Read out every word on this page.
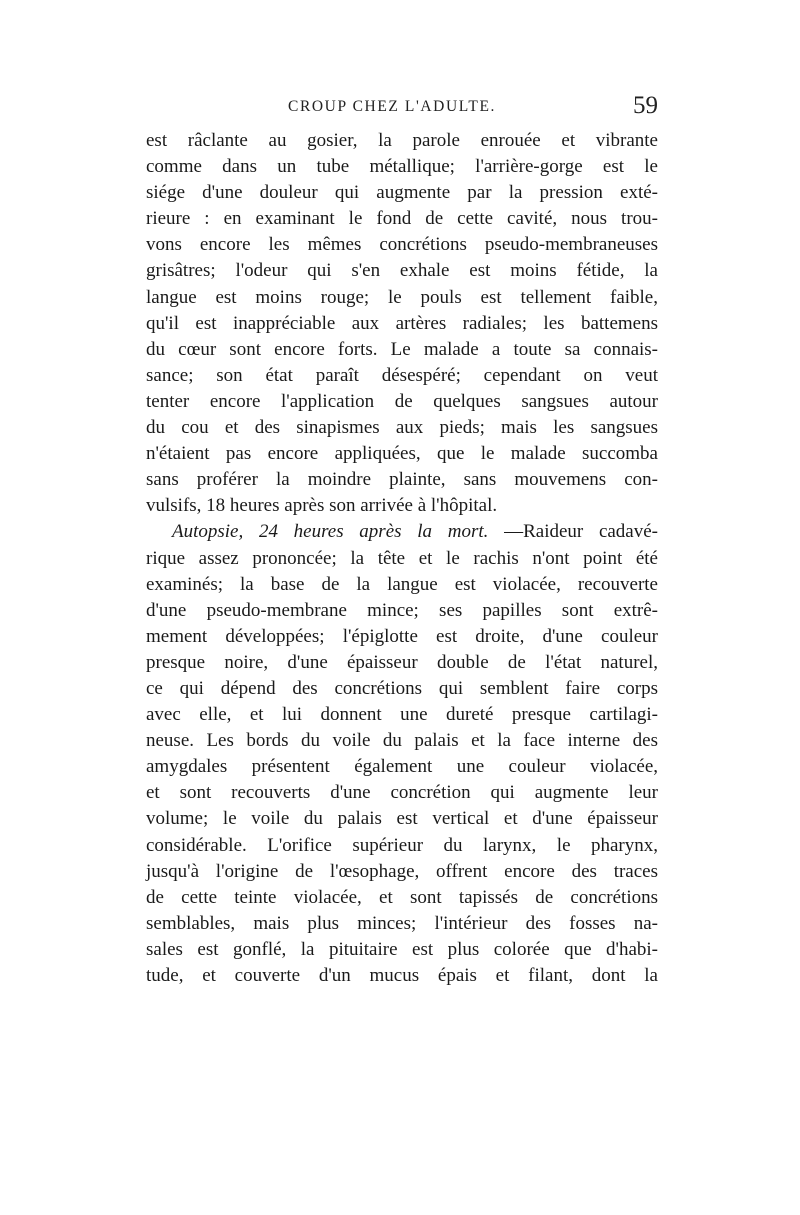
CROUP CHEZ L'ADULTE.	59
est râclante au gosier, la parole enrouée et vibrante
comme dans un tube métallique; l'arrière-gorge est le
siége d'une douleur qui augmente par la pression exté-
rieure : en examinant le fond de cette cavité, nous trou-
vons encore les mêmes concrétions pseudo-membraneuses
grisâtres; l'odeur qui s'en exhale est moins fétide, la
langue est moins rouge; le pouls est tellement faible,
qu'il est inappréciable aux artères radiales; les battemens
du cœur sont encore forts. Le malade a toute sa connais-
sance; son état paraît désespéré; cependant on veut
tenter encore l'application de quelques sangsues autour
du cou et des sinapismes aux pieds; mais les sangsues
n'étaient pas encore appliquées, que le malade succomba
sans proférer la moindre plainte, sans mouvemens con-
vulsifs, 18 heures après son arrivée à l'hôpital.
Autopsie, 24 heures après la mort. —Raideur cadavé-
rique assez prononcée; la tête et le rachis n'ont point été
examinés; la base de la langue est violacée, recouverte
d'une pseudo-membrane mince; ses papilles sont extrê-
mement développées; l'épiglotte est droite, d'une couleur
presque noire, d'une épaisseur double de l'état naturel,
ce qui dépend des concrétions qui semblent faire corps
avec elle, et lui donnent une dureté presque cartilagi-
neuse. Les bords du voile du palais et la face interne des
amygdales présentent également une couleur violacée,
et sont recouverts d'une concrétion qui augmente leur
volume; le voile du palais est vertical et d'une épaisseur
considérable. L'orifice supérieur du larynx, le pharynx,
jusqu'à l'origine de l'œsophage, offrent encore des traces
de cette teinte violacée, et sont tapissés de concrétions
semblables, mais plus minces; l'intérieur des fosses na-
sales est gonflé, la pituitaire est plus colorée que d'habi-
tude, et couverte d'un mucus épais et filant, dont la
